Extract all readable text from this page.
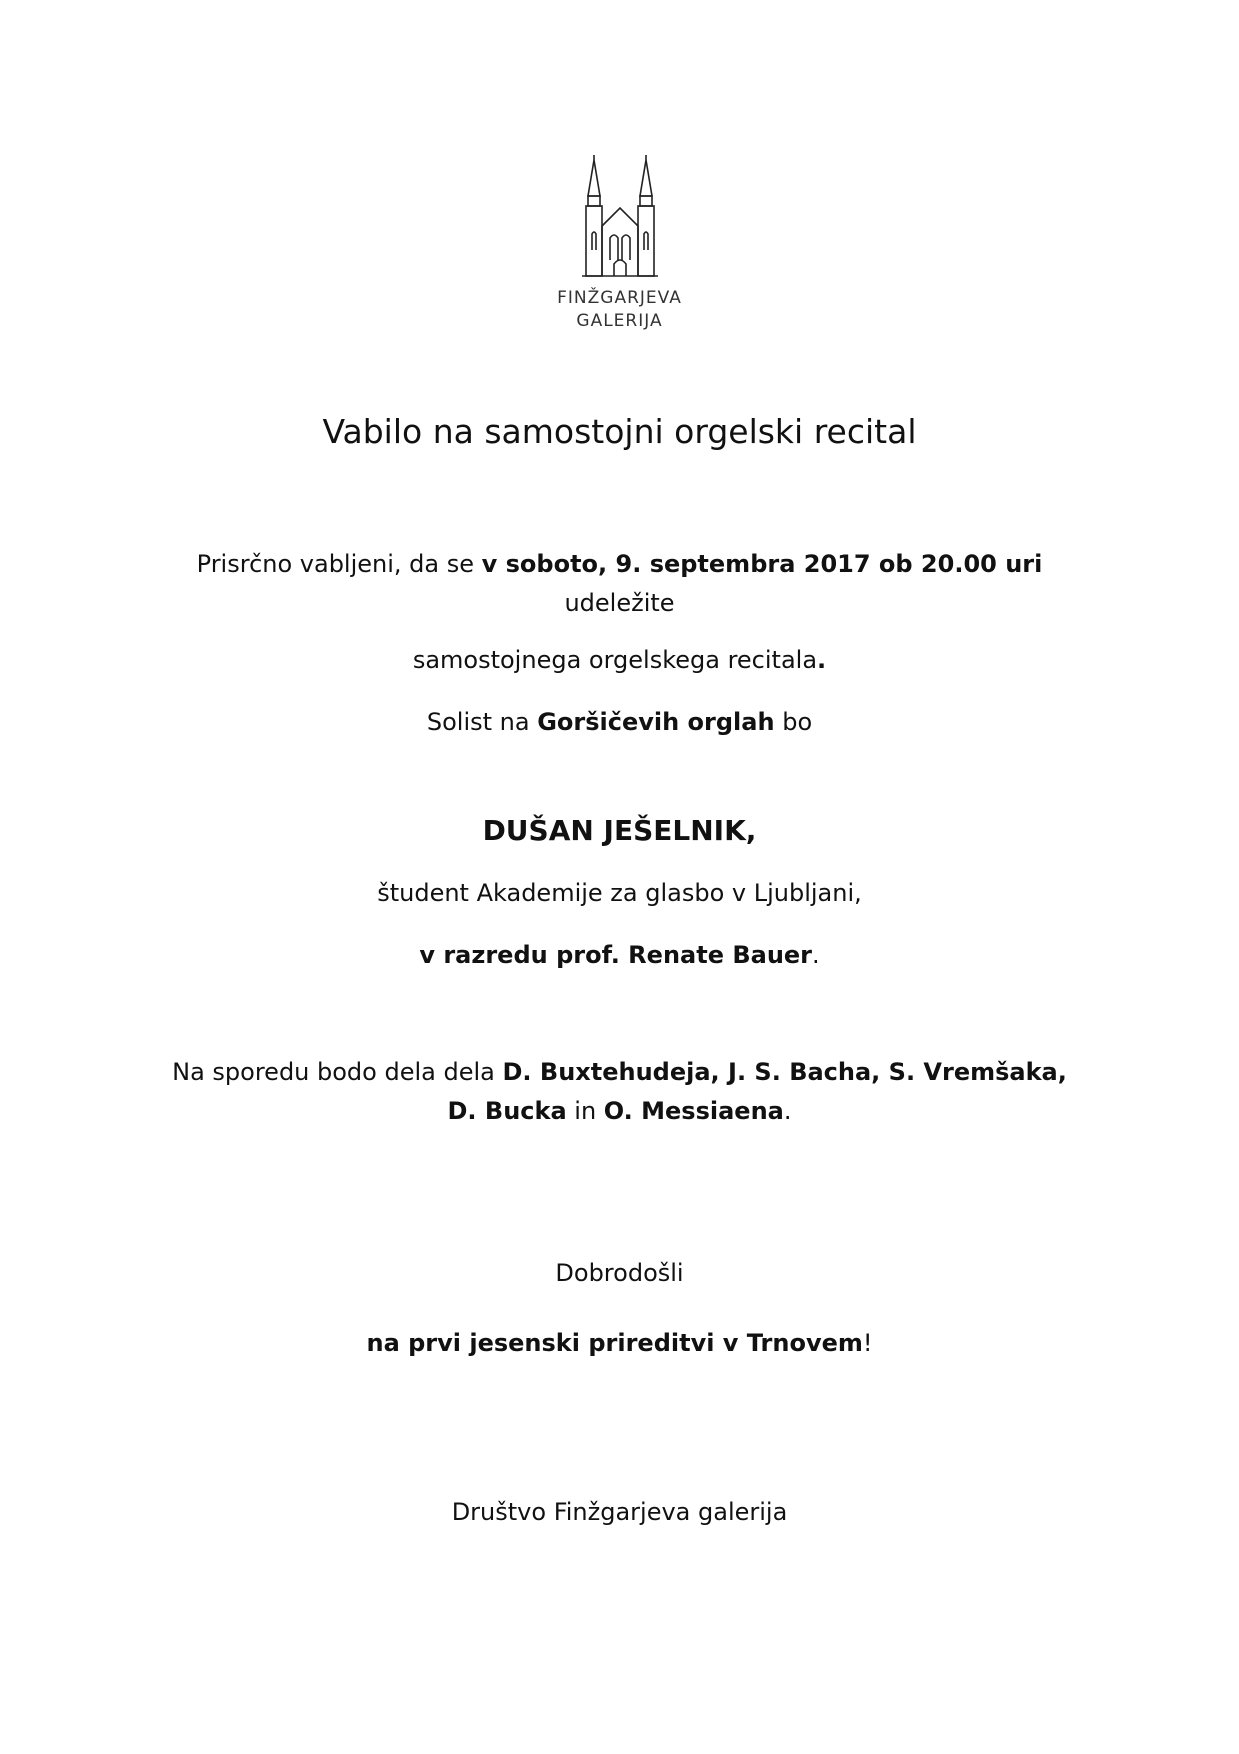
FINŽGARJEVA
GALERIJA
Vabilo na samostojni orgelski recital
Prisrčno vabljeni, da se v soboto, 9. septembra 2017 ob 20.00 uri
udeležite
samostojnega orgelskega recitala.
Solist na Goršičevih orglah bo
DUŠAN JEŠELNIK,
študent Akademije za glasbo v Ljubljani,
v razredu prof. Renate Bauer.
Na sporedu bodo dela dela D. Buxtehudeja, J. S. Bacha, S. Vremšaka,
D. Bucka in O. Messiaena.
Dobrodošli
na prvi jesenski prireditvi v Trnovem!
Društvo Finžgarjeva galerija
